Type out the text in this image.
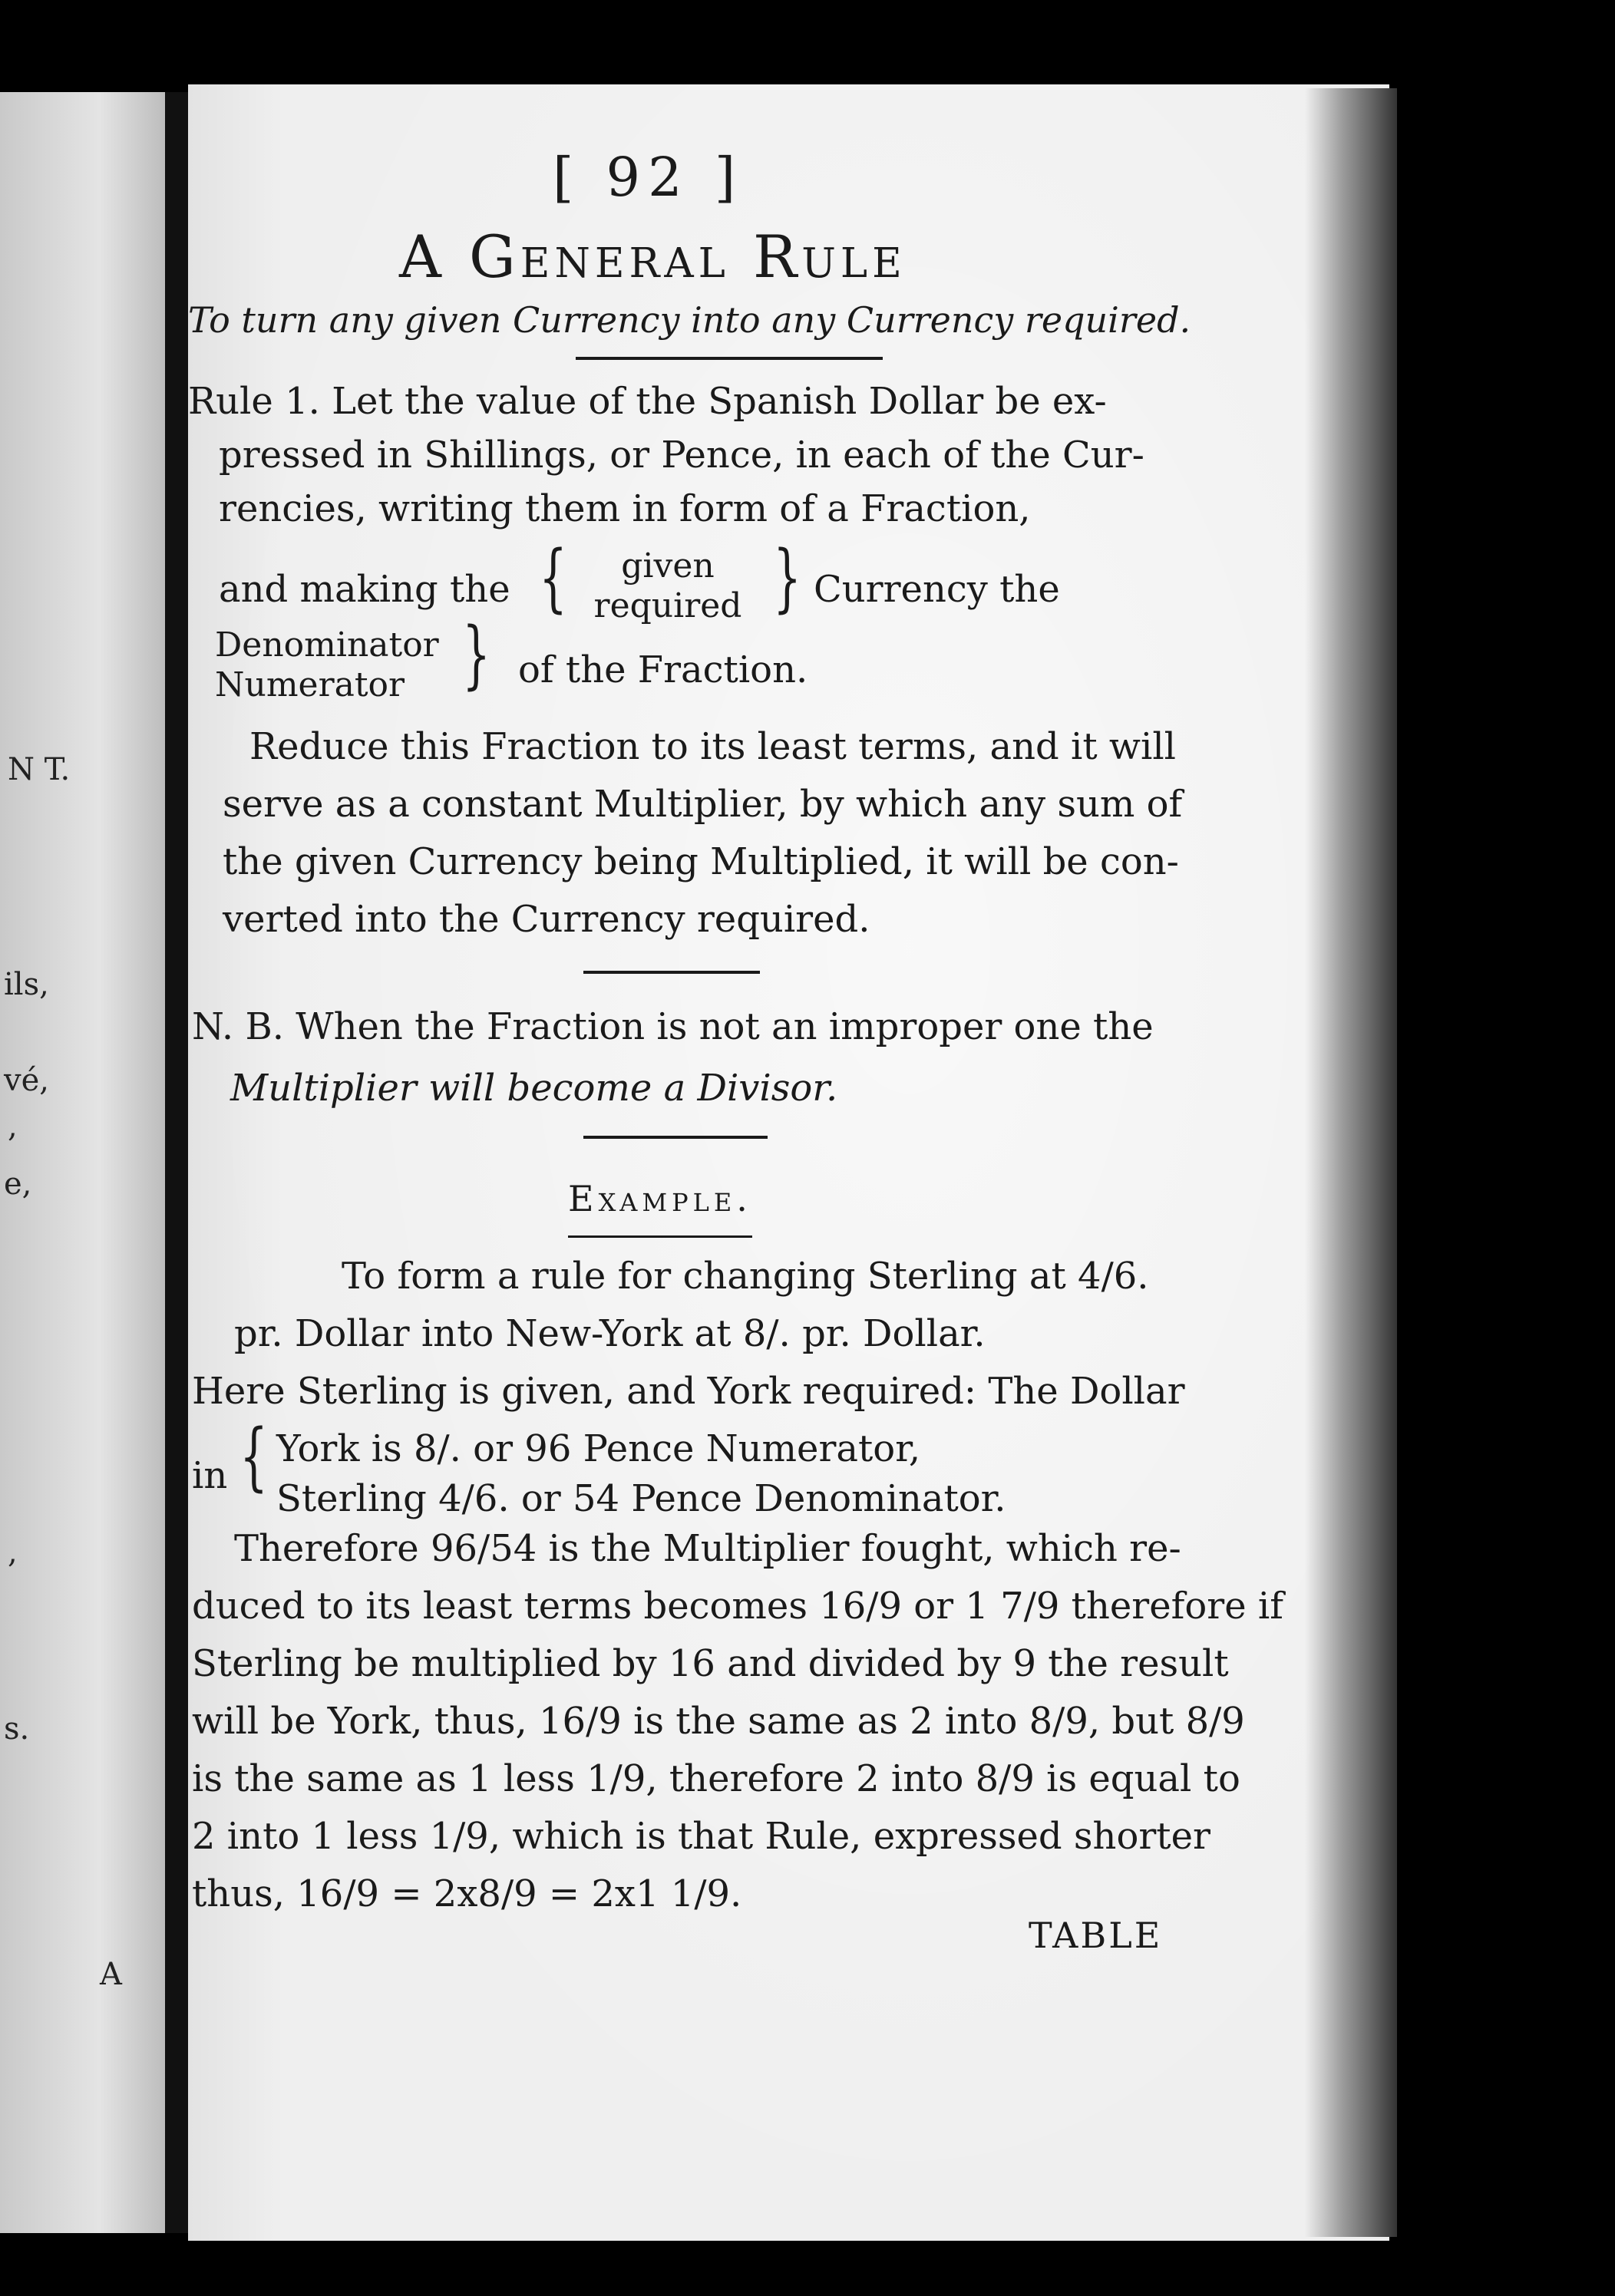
N T.
ils,
vé,
,
e,
,
s.
A
[ 92 ]
A General Rule
To turn any given Currency into any Currency required.
Rule 1. Let the value of the Spanish Dollar be ex-
pressed in Shillings, or Pence, in each of the Cur-
rencies, writing them in form of a Fraction,
and making the {	given
required } Currency the
Denominator
Numerator } of the Fraction.
Reduce this Fraction to its least terms, and it will
serve as a constant Multiplier, by which any sum of
the given Currency being Multiplied, it will be con-
verted into the Currency required.
N. B. When the Fraction is not an improper one the
Multiplier will become a Divisor.
Example.
To form a rule for changing Sterling at 4/6.
pr. Dollar into New-York at 8/. pr. Dollar.
Here Sterling is given, and York required: The Dollar
in { York is 8/. or 96 Pence Numerator,
Sterling 4/6. or 54 Pence Denominator.
Therefore 96/54 is the Multiplier fought, which re-
duced to its least terms becomes 16/9 or 1 7/9 therefore if
Sterling be multiplied by 16 and divided by 9 the result
will be York, thus, 16/9 is the same as 2 into 8/9, but 8/9
is the same as 1 less 1/9, therefore 2 into 8/9 is equal to
2 into 1 less 1/9, which is that Rule, expressed shorter
thus, 16/9 = 2x8/9 = 2x1 1/9.
TABLE
